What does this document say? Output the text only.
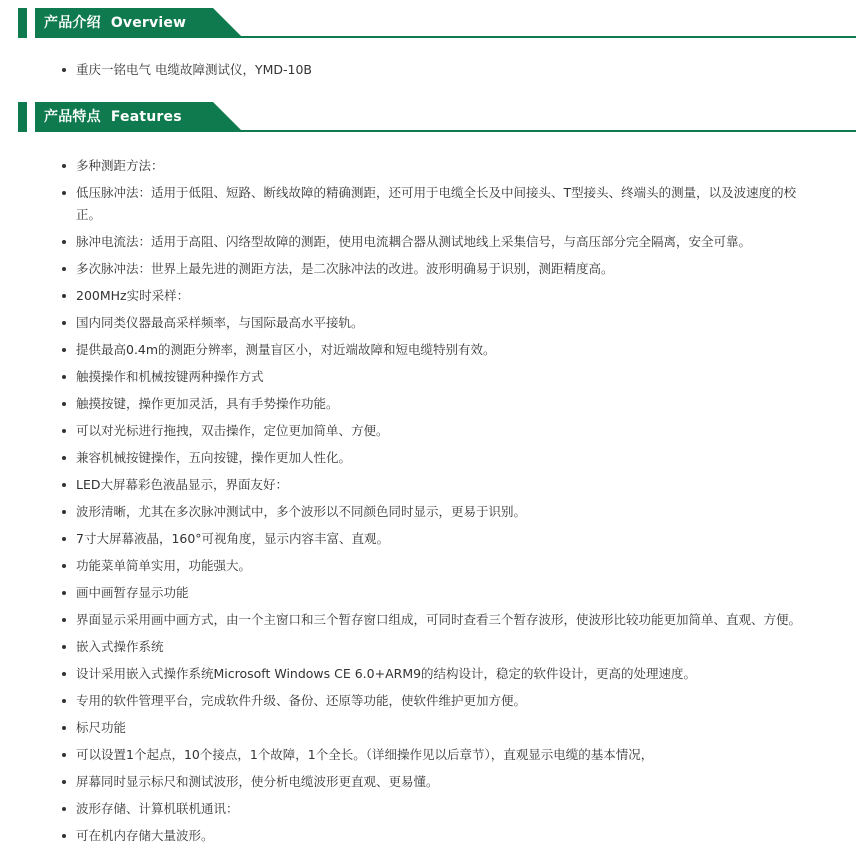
产品介绍 Overview
重庆一铭电气 电缆故障测试仪，YMD-10B
产品特点 Features
多种测距方法：
低压脉冲法：适用于低阻、短路、断线故障的精确测距，还可用于电缆全长及中间接头、T型接头、终端头的测量，以及波速度的校正。
脉冲电流法：适用于高阻、闪络型故障的测距，使用电流耦合器从测试地线上采集信号，与高压部分完全隔离，安全可靠。
多次脉冲法：世界上最先进的测距方法，是二次脉冲法的改进。波形明确易于识别，测距精度高。
200MHz实时采样：
国内同类仪器最高采样频率，与国际最高水平接轨。
提供最高0.4m的测距分辨率，测量盲区小，对近端故障和短电缆特别有效。
触摸操作和机械按键两种操作方式
触摸按键，操作更加灵活，具有手势操作功能。
可以对光标进行拖拽，双击操作，定位更加简单、方便。
兼容机械按键操作，五向按键，操作更加人性化。
LED大屏幕彩色液晶显示，界面友好：
波形清晰，尤其在多次脉冲测试中，多个波形以不同颜色同时显示，更易于识别。
7寸大屏幕液晶，160°可视角度，显示内容丰富、直观。
功能菜单简单实用，功能强大。
画中画暂存显示功能
界面显示采用画中画方式，由一个主窗口和三个暂存窗口组成，可同时查看三个暂存波形，使波形比较功能更加简单、直观、方便。
嵌入式操作系统
设计采用嵌入式操作系统Microsoft Windows CE 6.0+ARM9的结构设计，稳定的软件设计，更高的处理速度。
专用的软件管理平台，完成软件升级、备份、还原等功能，使软件维护更加方便。
标尺功能
可以设置1个起点，10个接点，1个故障，1个全长。（详细操作见以后章节），直观显示电缆的基本情况，
屏幕同时显示标尺和测试波形，使分析电缆波形更直观、更易懂。
波形存储、计算机联机通讯：
可在机内存储大量波形。
